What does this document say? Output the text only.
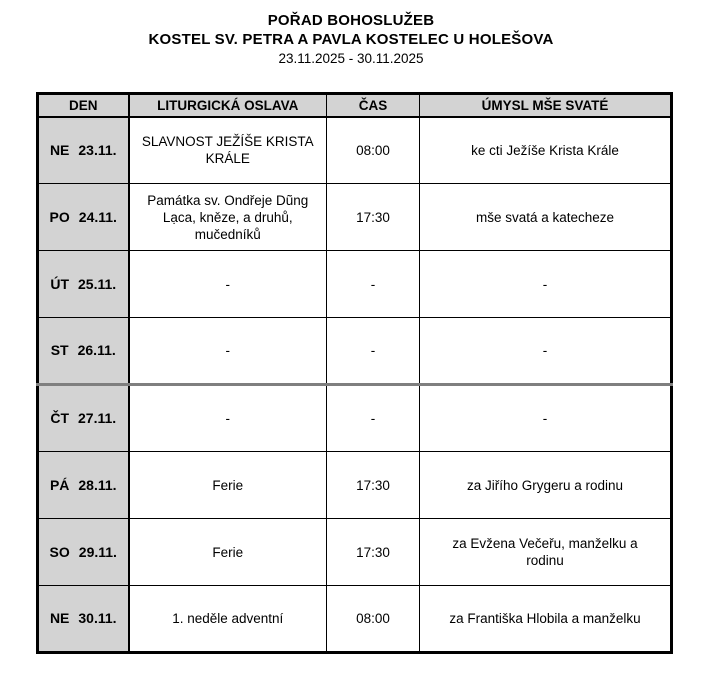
POŘAD BOHOSLUŽEB
KOSTEL SV. PETRA A PAVLA KOSTELEC U HOLEŠOVA
23.11.2025 - 30.11.2025
DEN	LITURGICKÁ OSLAVA	ČAS	ÚMYSL MŠE SVATÉ
NE 23.11.	SLAVNOST JEŽÍŠE KRISTA KRÁLE	08:00	ke cti Ježíše Krista Krále
PO 24.11.	Památka sv. Ondřeje Dũng Lạca, kněze, a druhů, mučedníků	17:30	mše svatá a katecheze
ÚT 25.11.	-	-	-
ST 26.11.	-	-	-
ČT 27.11.	-	-	-
PÁ 28.11.	Ferie	17:30	za Jiřího Grygeru a rodinu
SO 29.11.	Ferie	17:30	za Evžena Večeřu, manželku a rodinu
NE 30.11.	1. neděle adventní	08:00	za Františka Hlobila a manželku
